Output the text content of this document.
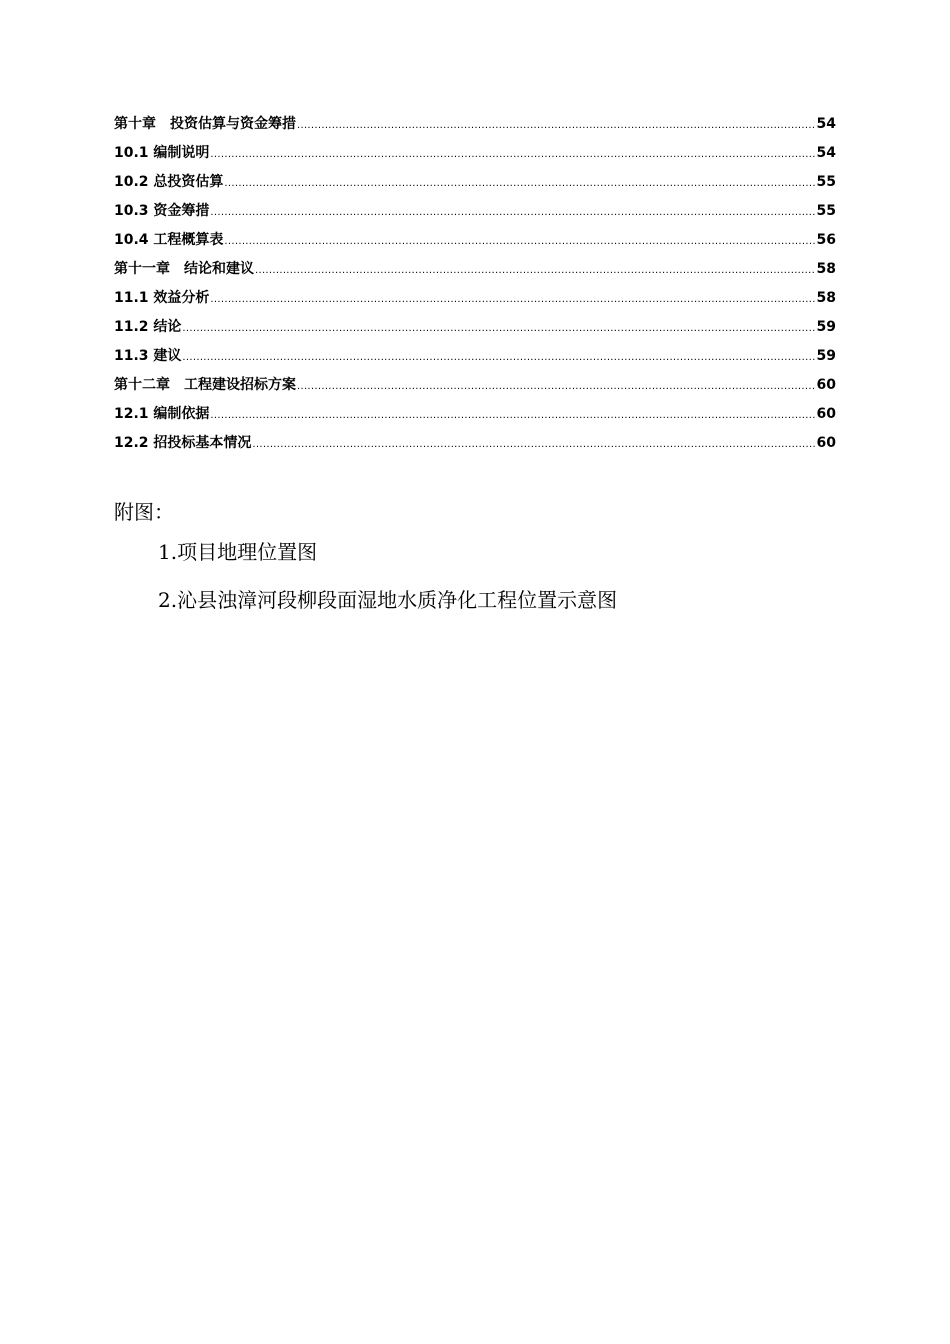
第十章　投资估算与资金筹措 .....	54
10.1 编制说明 .....	54
10.2 总投资估算 .....	55
10.3 资金筹措 .....	55
10.4 工程概算表 .....	56
第十一章　结论和建议 .....	58
11.1 效益分析 .....	58
11.2 结论 .....	59
11.3 建议 .....	59
第十二章　工程建设招标方案 .....	60
12.1 编制依据 .....	60
12.2 招投标基本情况 .....	60

附图：

1.项目地理位置图
2.沁县浊漳河段柳段面湿地水质净化工程位置示意图
